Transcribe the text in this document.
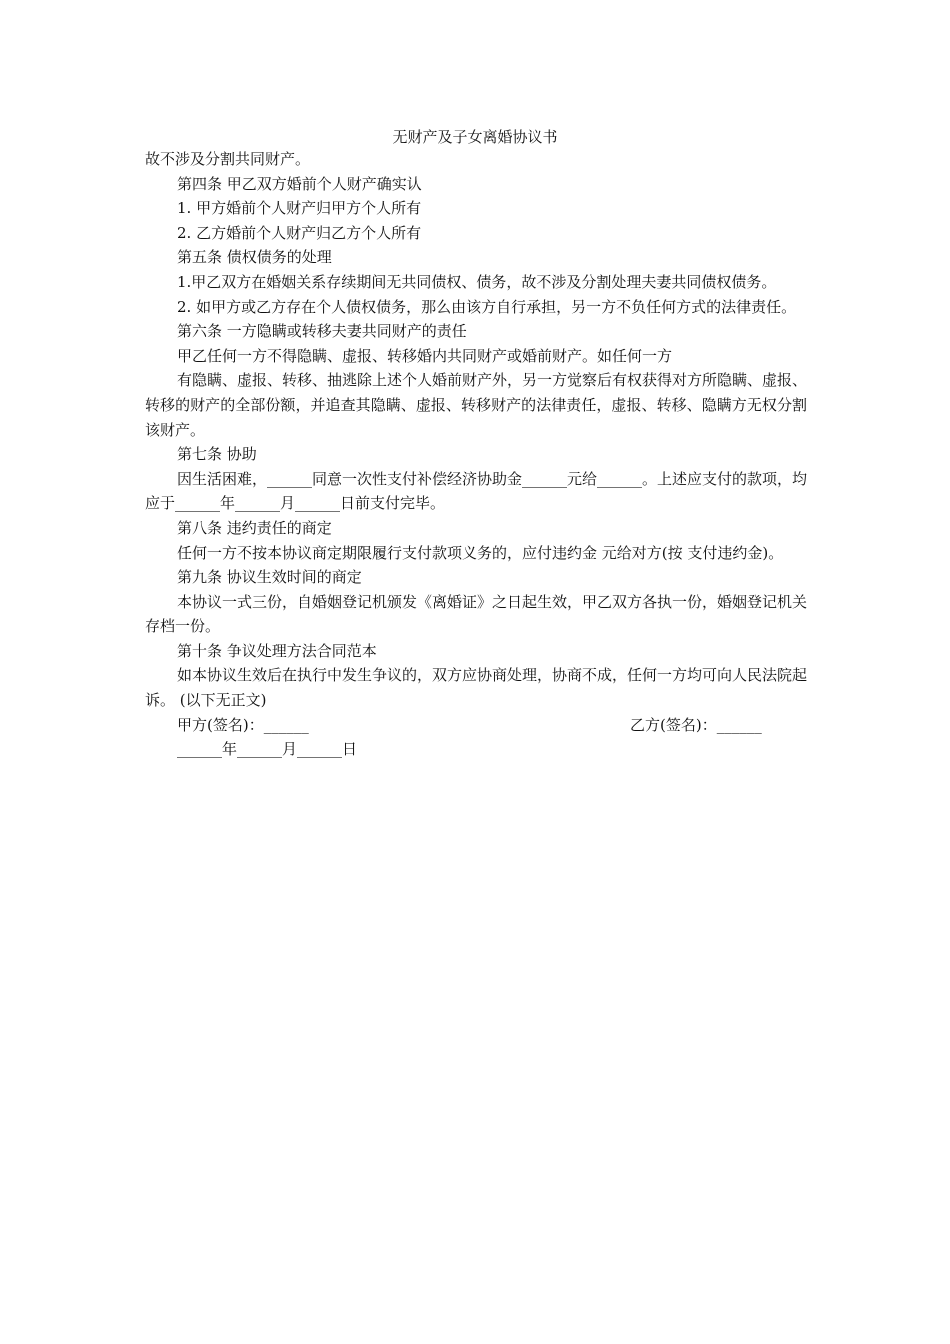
无财产及子女离婚协议书

故不涉及分割共同财产。

第四条 甲乙双方婚前个人财产确实认

1. 甲方婚前个人财产归甲方个人所有

2. 乙方婚前个人财产归乙方个人所有

第五条 债权债务的处理

1.甲乙双方在婚姻关系存续期间无共同债权、债务，故不涉及分割处理夫妻共同债权债务。

2. 如甲方或乙方存在个人债权债务，那么由该方自行承担，另一方不负任何方式的法律责任。

第六条 一方隐瞒或转移夫妻共同财产的责任

甲乙任何一方不得隐瞒、虚报、转移婚内共同财产或婚前财产。如任何一方

有隐瞒、虚报、转移、抽逃除上述个人婚前财产外，另一方觉察后有权获得对方所隐瞒、虚报、转移的财产的全部份额，并追查其隐瞒、虚报、转移财产的法律责任，虚报、转移、隐瞒方无权分割该财产。

第七条 协助

因生活困难，______同意一次性支付补偿经济协助金______元给______。上述应支付的款项，均应于______年______月______日前支付完毕。

第八条 违约责任的商定

任何一方不按本协议商定期限履行支付款项义务的，应付违约金 元给对方(按 支付违约金)。

第九条 协议生效时间的商定

本协议一式三份，自婚姻登记机颁发《离婚证》之日起生效，甲乙双方各执一份，婚姻登记机关存档一份。

第十条 争议处理方法合同范本

如本协议生效后在执行中发生争议的，双方应协商处理，协商不成，任何一方均可向人民法院起诉。 (以下无正文)

甲方(签名)：______	乙方(签名)：______

______年______月______日
